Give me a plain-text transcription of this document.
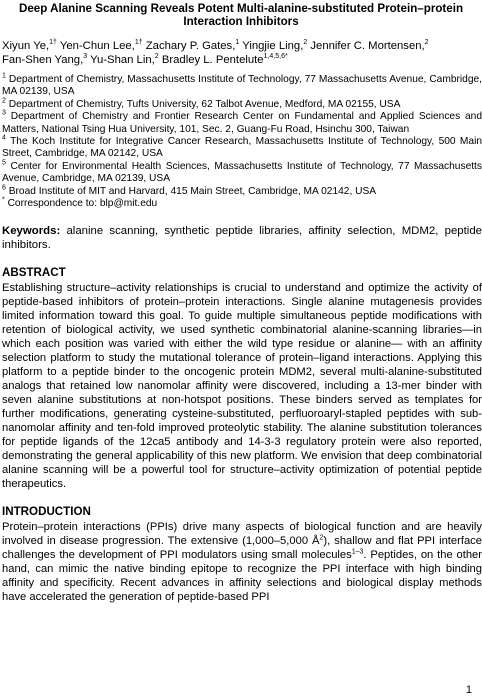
Deep Alanine Scanning Reveals Potent Multi-alanine-substituted Protein–protein Interaction Inhibitors
Xiyun Ye,$^{1\dagger}$ Yen-Chun Lee,$^{1\dagger}$ Zachary P. Gates,$^1$ Yingjie Ling,$^2$ Jennifer C. Mortensen,$^2$
Fan-Shen Yang,$^3$ Yu-Shan Lin,$^2$ Bradley L. Pentelute$^{1,4,5,6*}$
$^1$ Department of Chemistry, Massachusetts Institute of Technology, 77 Massachusetts Avenue, Cambridge, MA 02139, USA
$^2$ Department of Chemistry, Tufts University, 62 Talbot Avenue, Medford, MA 02155, USA
$^3$ Department of Chemistry and Frontier Research Center on Fundamental and Applied Sciences and Matters, National Tsing Hua University, 101, Sec. 2, Guang-Fu Road, Hsinchu 300, Taiwan
$^4$ The Koch Institute for Integrative Cancer Research, Massachusetts Institute of Technology, 500 Main Street, Cambridge, MA 02142, USA
$^5$ Center for Environmental Health Sciences, Massachusetts Institute of Technology, 77 Massachusetts Avenue, Cambridge, MA 02139, USA
$^6$ Broad Institute of MIT and Harvard, 415 Main Street, Cambridge, MA 02142, USA
* Correspondence to: blp@mit.edu
Keywords: alanine scanning, synthetic peptide libraries, affinity selection, MDM2, peptide inhibitors.
ABSTRACT
Establishing structure–activity relationships is crucial to understand and optimize the activity of peptide-based inhibitors of protein–protein interactions. Single alanine mutagenesis provides limited information toward this goal. To guide multiple simultaneous peptide modifications with retention of biological activity, we used synthetic combinatorial alanine-scanning libraries—in which each position was varied with either the wild type residue or alanine— with an affinity selection platform to study the mutational tolerance of protein–ligand interactions. Applying this platform to a peptide binder to the oncogenic protein MDM2, several multi-alanine-substituted analogs that retained low nanomolar affinity were discovered, including a 13-mer binder with seven alanine substitutions at non-hotspot positions. These binders served as templates for further modifications, generating cysteine-substituted, perfluoroaryl-stapled peptides with sub-nanomolar affinity and ten-fold improved proteolytic stability. The alanine substitution tolerances for peptide ligands of the 12ca5 antibody and 14-3-3 regulatory protein were also reported, demonstrating the general applicability of this new platform. We envision that deep combinatorial alanine scanning will be a powerful tool for structure–activity optimization of potential peptide therapeutics.
INTRODUCTION
Protein–protein interactions (PPIs) drive many aspects of biological function and are heavily involved in disease progression. The extensive (1,000–5,000 $Å^2$), shallow and flat PPI interface challenges the development of PPI modulators using small molecules$^{1-3}$. Peptides, on the other hand, can mimic the native binding epitope to recognize the PPI interface with high binding affinity and specificity. Recent advances in affinity selections and biological display methods have accelerated the generation of peptide-based PPI
1
